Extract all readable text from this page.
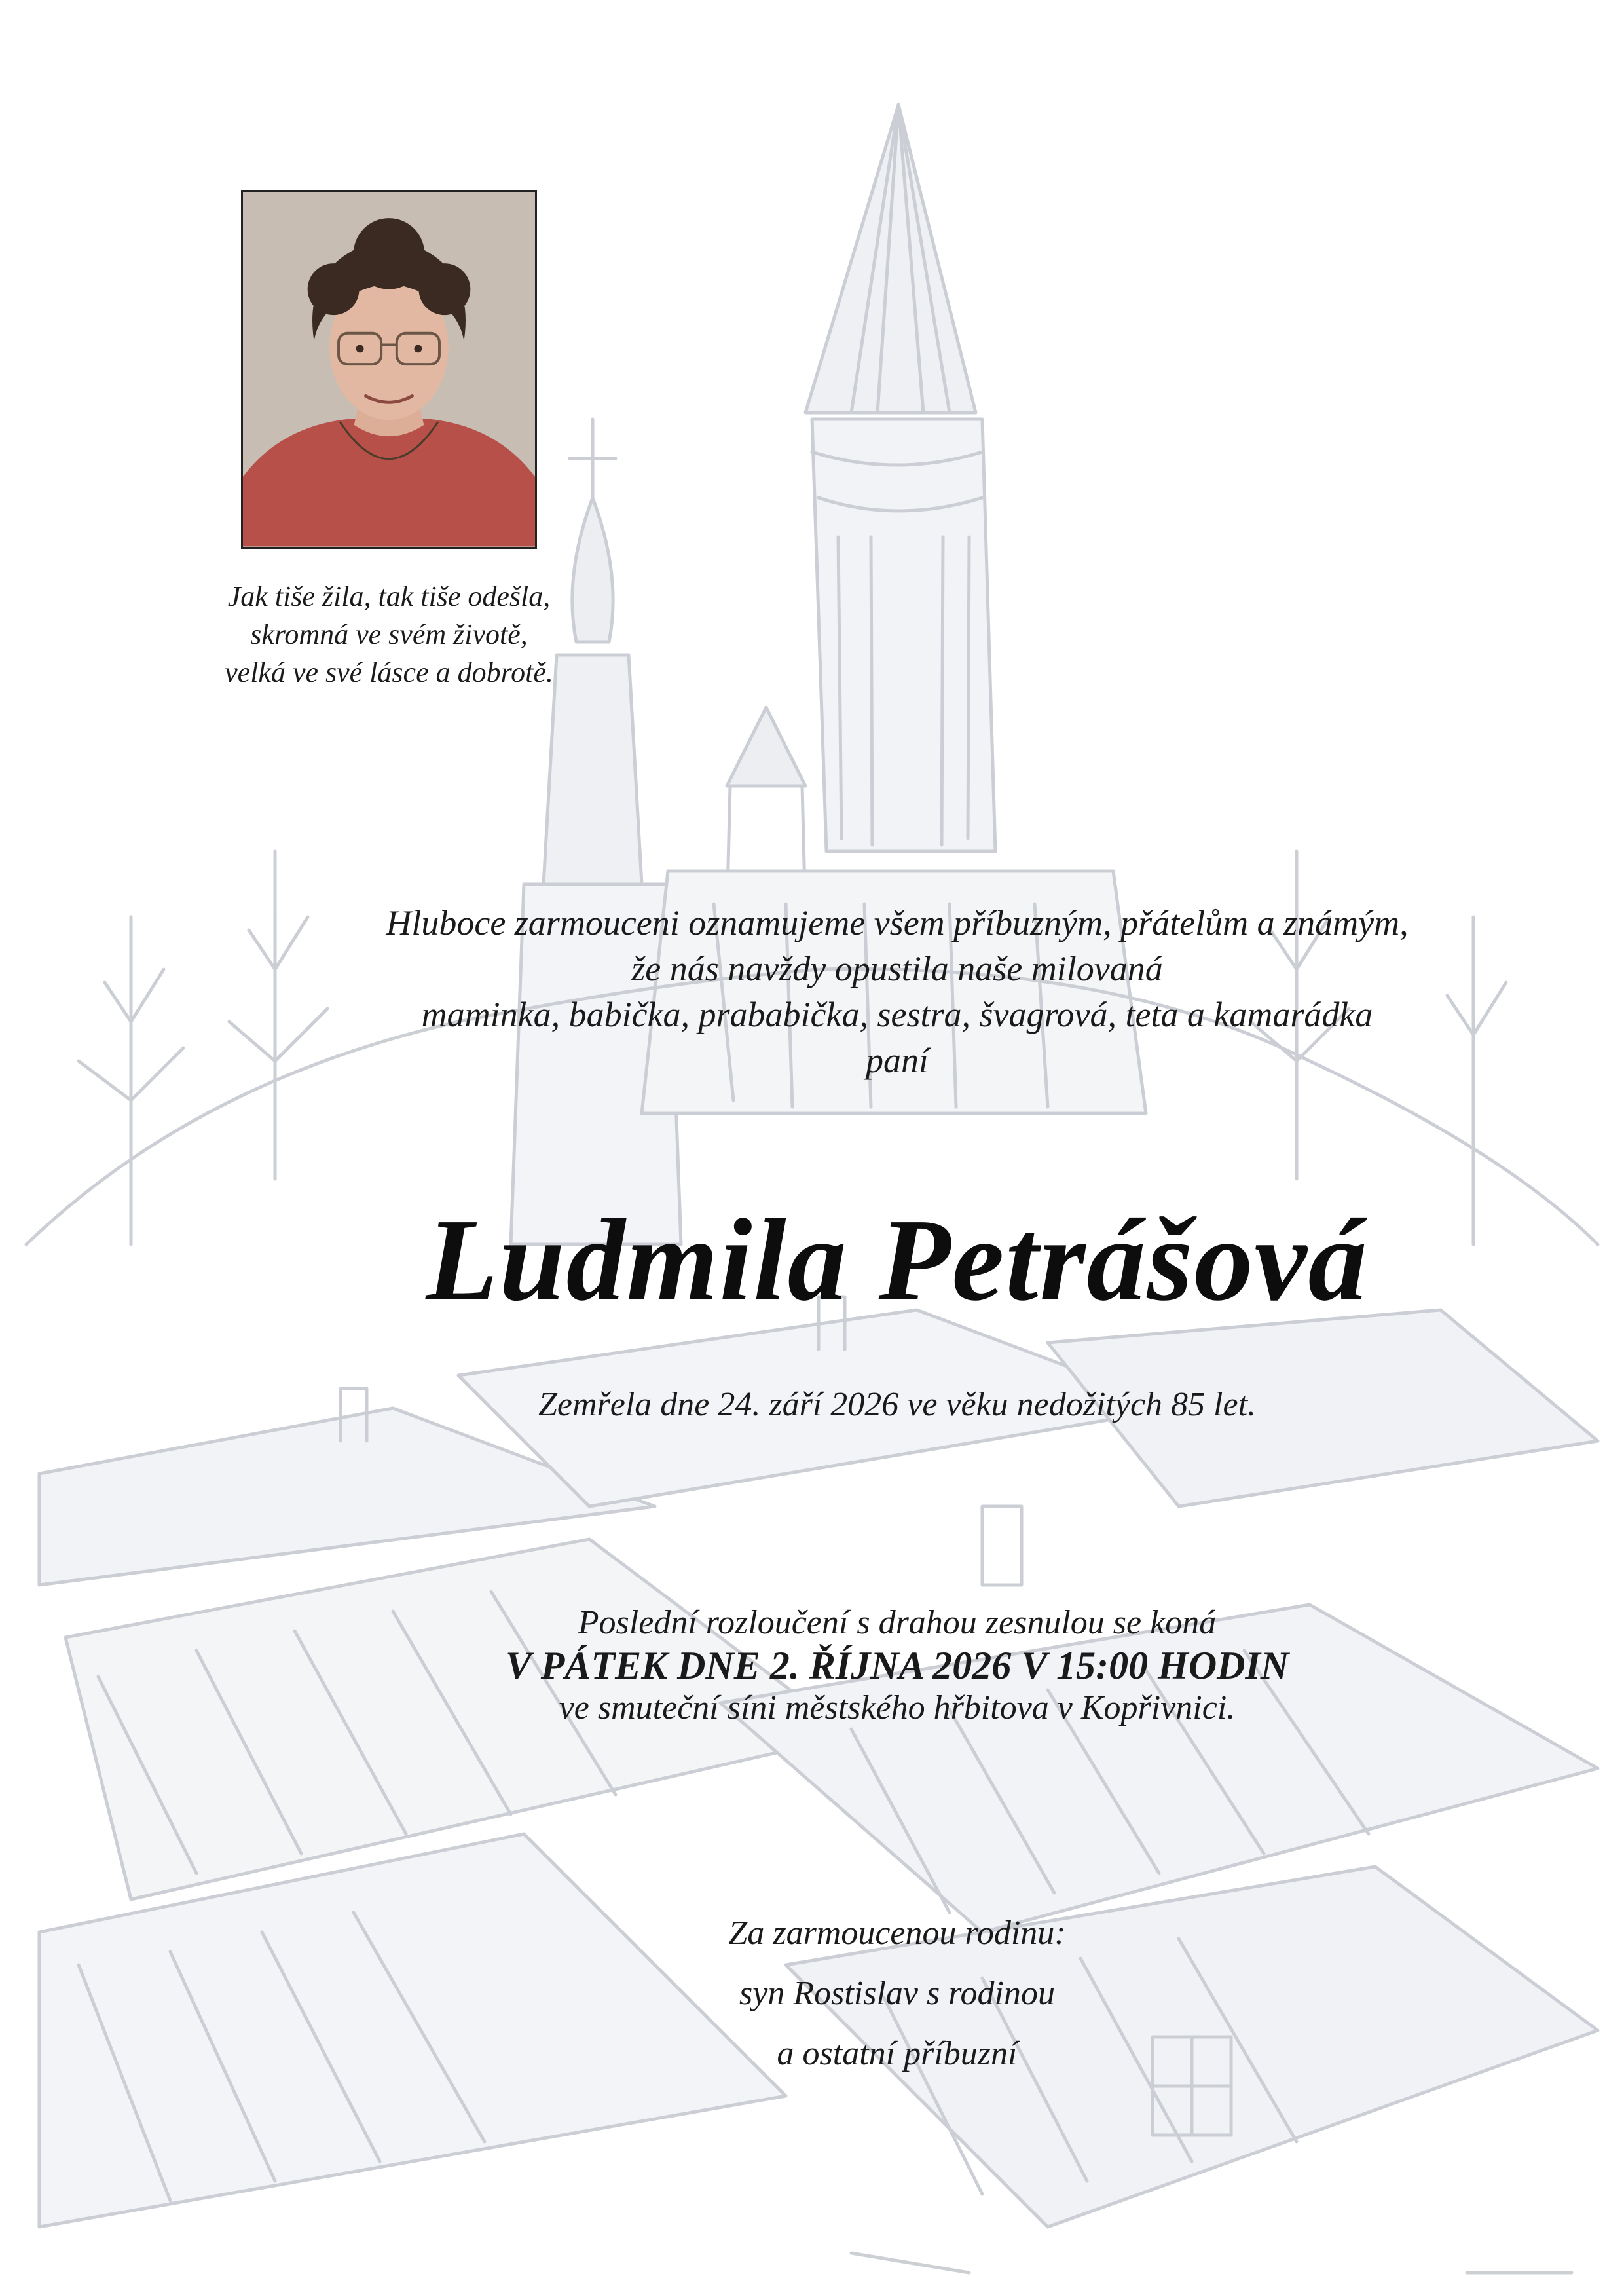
Jak tiše žila, tak tiše odešla,
skromná ve svém životě,
velká ve své lásce a dobrotě.
Hluboce zarmouceni oznamujeme všem příbuzným, přátelům a známým,
že nás navždy opustila naše milovaná
maminka, babička, prababička, sestra, švagrová, teta a kamarádka
paní
Ludmila Petrášová
Zemřela dne 24. září 2026 ve věku nedožitých 85 let.
Poslední rozloučení s drahou zesnulou se koná
V PÁTEK DNE 2. ŘÍJNA 2026 V 15:00 HODIN
ve smuteční síni městského hřbitova v Kopřivnici.
Za zarmoucenou rodinu:
syn Rostislav s rodinou
a ostatní příbuzní
